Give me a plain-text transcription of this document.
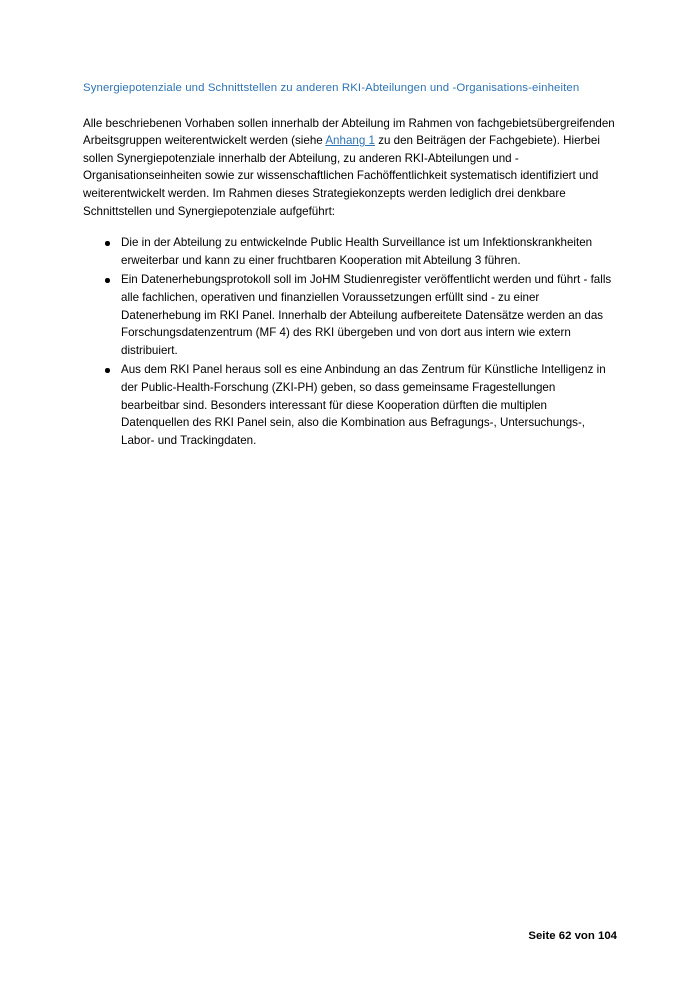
Synergiepotenziale und Schnittstellen zu anderen RKI-Abteilungen und -Organisations-einheiten

Alle beschriebenen Vorhaben sollen innerhalb der Abteilung im Rahmen von fachgebietsübergreifenden Arbeitsgruppen weiterentwickelt werden (siehe Anhang 1 zu den Beiträgen der Fachgebiete). Hierbei sollen Synergiepotenziale innerhalb der Abteilung, zu anderen RKI-Abteilungen und -Organisationseinheiten sowie zur wissenschaftlichen Fachöffentlichkeit systematisch identifiziert und weiterentwickelt werden. Im Rahmen dieses Strategiekonzepts werden lediglich drei denkbare Schnittstellen und Synergiepotenziale aufgeführt:

Die in der Abteilung zu entwickelnde Public Health Surveillance ist um Infektionskrankheiten erweiterbar und kann zu einer fruchtbaren Kooperation mit Abteilung 3 führen.
Ein Datenerhebungsprotokoll soll im JoHM Studienregister veröffentlicht werden und führt - falls alle fachlichen, operativen und finanziellen Voraussetzungen erfüllt sind - zu einer Datenerhebung im RKI Panel. Innerhalb der Abteilung aufbereitete Datensätze werden an das Forschungsdatenzentrum (MF 4) des RKI übergeben und von dort aus intern wie extern distribuiert.
Aus dem RKI Panel heraus soll es eine Anbindung an das Zentrum für Künstliche Intelligenz in der Public-Health-Forschung (ZKI-PH) geben, so dass gemeinsame Fragestellungen bearbeitbar sind. Besonders interessant für diese Kooperation dürften die multiplen Datenquellen des RKI Panel sein, also die Kombination aus Befragungs-, Untersuchungs-, Labor- und Trackingdaten.
Seite 62 von 104
